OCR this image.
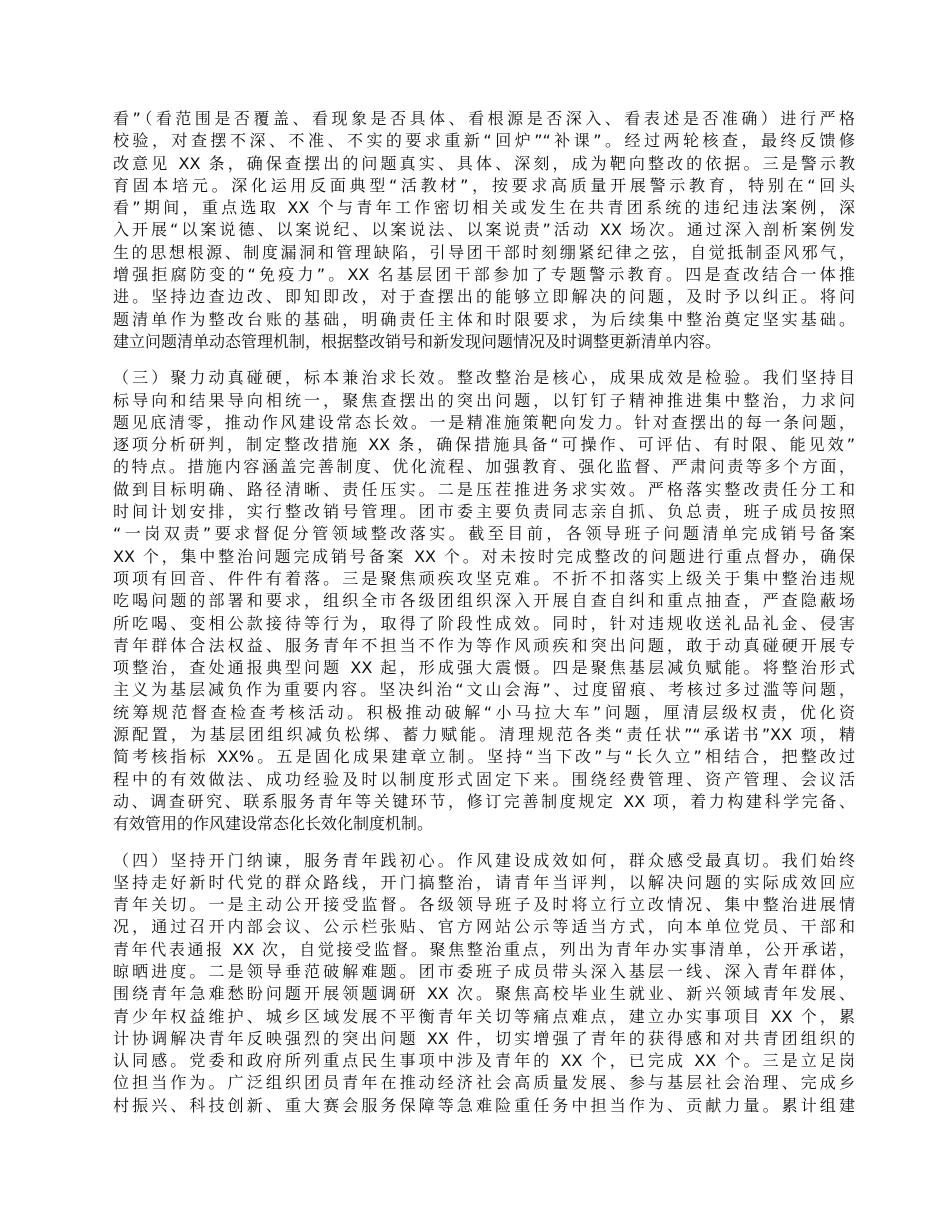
看”（看范围是否覆盖、看现象是否具体、看根源是否深入、看表述是否准确）进行严格
校验，对查摆不深、不准、不实的要求重新“回炉”“补课”。经过两轮核查，最终反馈修
改意见 XX 条，确保查摆出的问题真实、具体、深刻，成为靶向整改的依据。三是警示教
育固本培元。深化运用反面典型“活教材”，按要求高质量开展警示教育，特别在“回头
看”期间，重点选取 XX 个与青年工作密切相关或发生在共青团系统的违纪违法案例，深
入开展“以案说德、以案说纪、以案说法、以案说责”活动 XX 场次。通过深入剖析案例发
生的思想根源、制度漏洞和管理缺陷，引导团干部时刻绷紧纪律之弦，自觉抵制歪风邪气，
增强拒腐防变的“免疫力”。XX 名基层团干部参加了专题警示教育。四是查改结合一体推
进。坚持边查边改、即知即改，对于查摆出的能够立即解决的问题，及时予以纠正。将问
题清单作为整改台账的基础，明确责任主体和时限要求，为后续集中整治奠定坚实基础。
建立问题清单动态管理机制，根据整改销号和新发现问题情况及时调整更新清单内容。
（三）聚力动真碰硬，标本兼治求长效。整改整治是核心，成果成效是检验。我们坚持目
标导向和结果导向相统一，聚焦查摆出的突出问题，以钉钉子精神推进集中整治，力求问
题见底清零，推动作风建设常态长效。一是精准施策靶向发力。针对查摆出的每一条问题，
逐项分析研判，制定整改措施 XX 条，确保措施具备“可操作、可评估、有时限、能见效”
的特点。措施内容涵盖完善制度、优化流程、加强教育、强化监督、严肃问责等多个方面，
做到目标明确、路径清晰、责任压实。二是压茬推进务求实效。严格落实整改责任分工和
时间计划安排，实行整改销号管理。团市委主要负责同志亲自抓、负总责，班子成员按照
“一岗双责”要求督促分管领域整改落实。截至目前，各领导班子问题清单完成销号备案
XX 个，集中整治问题完成销号备案 XX 个。对未按时完成整改的问题进行重点督办，确保
项项有回音、件件有着落。三是聚焦顽疾攻坚克难。不折不扣落实上级关于集中整治违规
吃喝问题的部署和要求，组织全市各级团组织深入开展自查自纠和重点抽查，严查隐蔽场
所吃喝、变相公款接待等行为，取得了阶段性成效。同时，针对违规收送礼品礼金、侵害
青年群体合法权益、服务青年不担当不作为等作风顽疾和突出问题，敢于动真碰硬开展专
项整治，查处通报典型问题 XX 起，形成强大震慑。四是聚焦基层减负赋能。将整治形式
主义为基层减负作为重要内容。坚决纠治“文山会海”、过度留痕、考核过多过滥等问题，
统筹规范督查检查考核活动。积极推动破解“小马拉大车”问题，厘清层级权责，优化资
源配置，为基层团组织减负松绑、蓄力赋能。清理规范各类“责任状”“承诺书”XX 项，精
简考核指标 XX%。五是固化成果建章立制。坚持“当下改”与“长久立”相结合，把整改过
程中的有效做法、成功经验及时以制度形式固定下来。围绕经费管理、资产管理、会议活
动、调查研究、联系服务青年等关键环节，修订完善制度规定 XX 项，着力构建科学完备、
有效管用的作风建设常态化长效化制度机制。
（四）坚持开门纳谏，服务青年践初心。作风建设成效如何，群众感受最真切。我们始终
坚持走好新时代党的群众路线，开门搞整治，请青年当评判，以解决问题的实际成效回应
青年关切。一是主动公开接受监督。各级领导班子及时将立行立改情况、集中整治进展情
况，通过召开内部会议、公示栏张贴、官方网站公示等适当方式，向本单位党员、干部和
青年代表通报 XX 次，自觉接受监督。聚焦整治重点，列出为青年办实事清单，公开承诺，
晾晒进度。二是领导垂范破解难题。团市委班子成员带头深入基层一线、深入青年群体，
围绕青年急难愁盼问题开展领题调研 XX 次。聚焦高校毕业生就业、新兴领域青年发展、
青少年权益维护、城乡区域发展不平衡青年关切等痛点难点，建立办实事项目 XX 个，累
计协调解决青年反映强烈的突出问题 XX 件，切实增强了青年的获得感和对共青团组织的
认同感。党委和政府所列重点民生事项中涉及青年的 XX 个，已完成 XX 个。三是立足岗
位担当作为。广泛组织团员青年在推动经济社会高质量发展、参与基层社会治理、完成乡
村振兴、科技创新、重大赛会服务保障等急难险重任务中担当作为、贡献力量。累计组建
